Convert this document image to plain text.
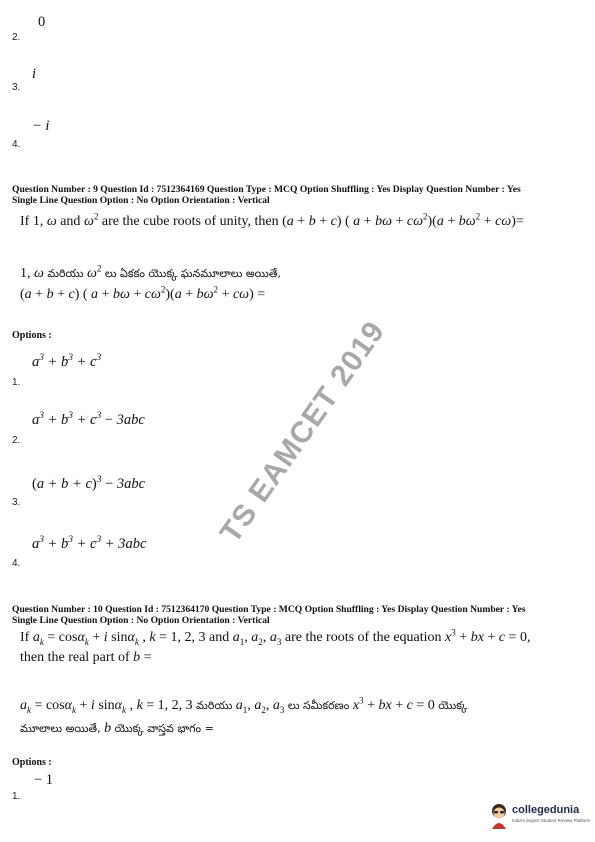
0
2.
i
3.
− i
4.
Question Number : 9 Question Id : 7512364169 Question Type : MCQ Option Shuffling : Yes Display Question Number : Yes
Single Line Question Option : No Option Orientation : Vertical
If 1, ω and $\omega^2$ are the cube roots of unity, then (a + b + c) ( $a + b\omega + c\omega^2)(a + b\omega^2 + c\omega)=$
1, ω మరియు $\omega^2$ లు ఏకకం యొక్క ఘనమూలాలు అయితే,
(a + b + c) ( $a + b\omega + c\omega^2)(a + b\omega^2 + c\omega)$ =
Options :
$a^3 + b^3 + c^3$
1.
$a^3 + b^3 + c^3 - 3abc$
2.
$(a + b + c)^3 - 3abc$
3.
$a^3 + b^3 + c^3 + 3abc$
4.
Question Number : 10 Question Id : 7512364170 Question Type : MCQ Option Shuffling : Yes Display Question Number : Yes
Single Line Question Option : No Option Orientation : Vertical
If $a_k = \cos\alpha_k + i$ sinα$_k$ , k = 1, 2, 3 and $a_1$, $a_2$, $a_3$ are the roots of the equation $x^3$ + bx + c = 0,
then the real part of b =
$a_k = \cos\alpha_k + i$ sinα$_k$ , k = 1, 2, 3 మరియు $a_1$, $a_2$, $a_3$ లు సమీకరణం $x^3$ + bx + c = 0 యొక్క
మూలాలు అయితే, b యొక్క వాస్తవ భాగం =
Options :
− 1
1.
TS EAMCET 2019
collegedunia
India's largest Student Review Platform
